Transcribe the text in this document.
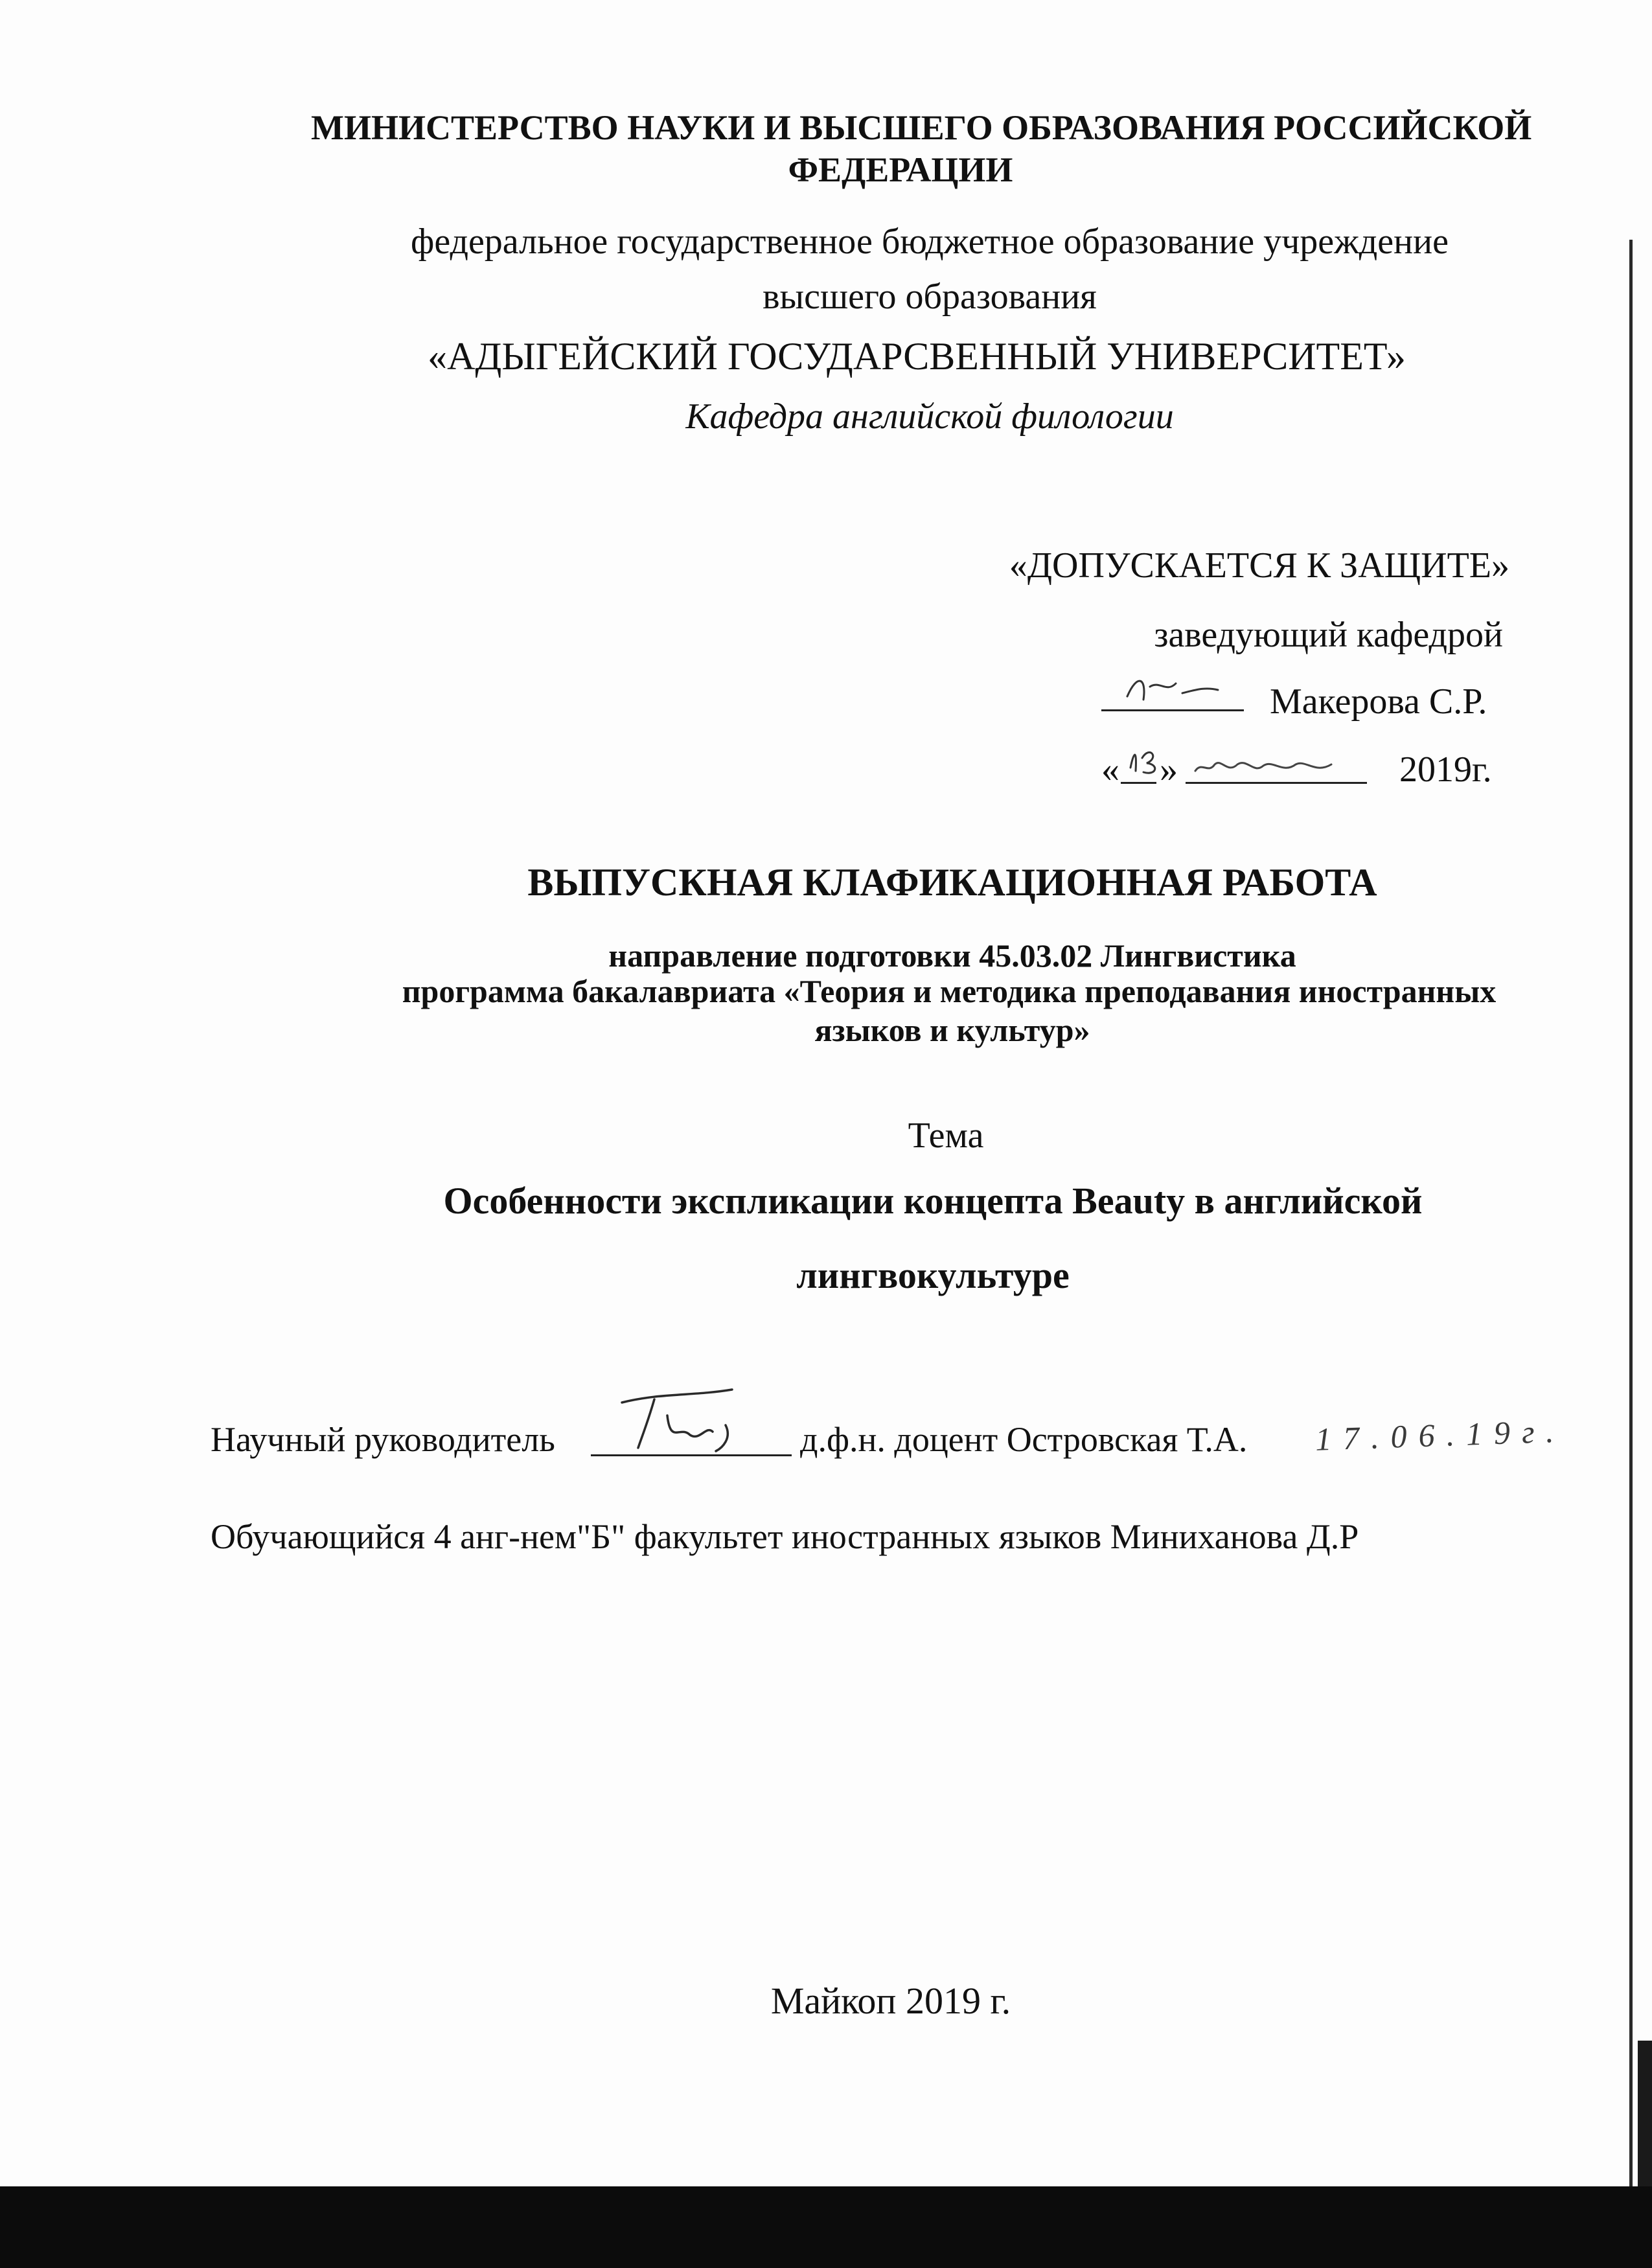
МИНИСТЕРСТВО НАУКИ И ВЫСШЕГО ОБРАЗОВАНИЯ РОССИЙСКОЙ
ФЕДЕРАЦИИ
федеральное государственное бюджетное образование учреждение
высшего образования
«АДЫГЕЙСКИЙ ГОСУДАРСВЕННЫЙ УНИВЕРСИТЕТ»
Кафедра английской филологии
«ДОПУСКАЕТСЯ К ЗАЩИТЕ»
заведующий кафедрой
Макерова С.Р.
« »	2019г.
ВЫПУСКНАЯ КЛАФИКАЦИОННАЯ РАБОТА
направление подготовки 45.03.02 Лингвистика
программа бакалавриата «Теория и методика преподавания иностранных
языков и культур»
Тема
Особенности экспликации концепта Beauty в английской
лингвокультуре
Научный руководитель	д.ф.н. доцент Островская Т.А. 17.06.19г.
Обучающийся 4 анг-нем"Б" факультет иностранных языков Миниханова Д.Р
Майкоп 2019 г.
